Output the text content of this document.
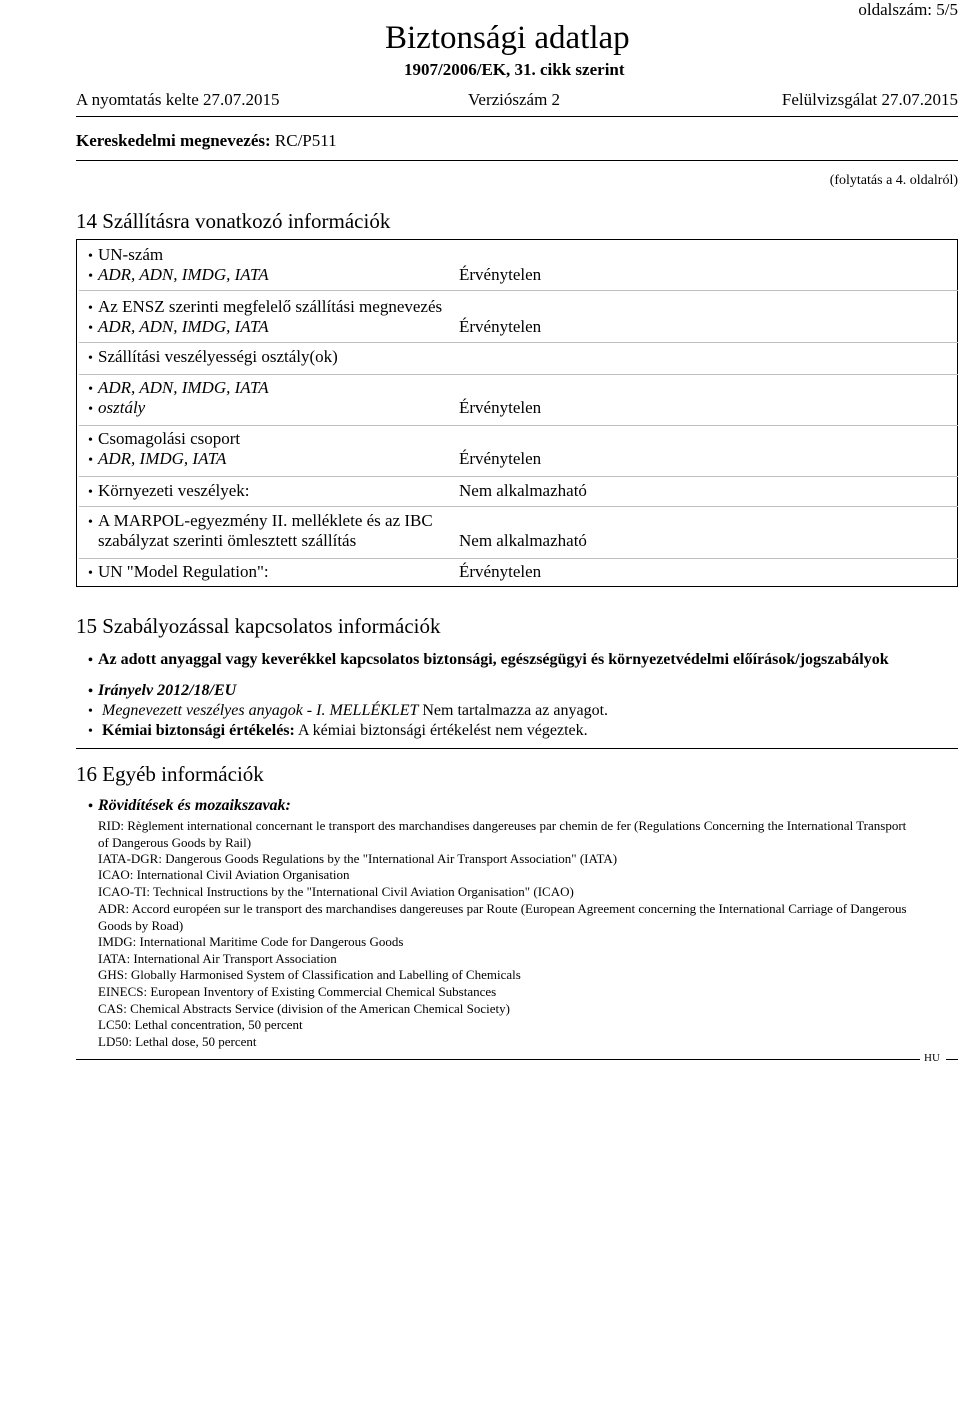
Biztonsági adatlap
1907/2006/EK, 31. cikk szerint
oldalszám: 5/5
A nyomtatás kelte 27.07.2015	Verziószám 2	Felülvizsgálat 27.07.2015
Kereskedelmi megnevezés: RC/P511
(folytatás a 4. oldalról)
14 Szállításra vonatkozó információk
• UN-szám
• ADR, ADN, IMDG, IATA	Érvénytelen
• Az ENSZ szerinti megfelelő szállítási megnevezés
• ADR, ADN, IMDG, IATA	Érvénytelen
• Szállítási veszélyességi osztály(ok)
• ADR, ADN, IMDG, IATA
• osztály	Érvénytelen
• Csomagolási csoport
• ADR, IMDG, IATA	Érvénytelen
• Környezeti veszélyek:	Nem alkalmazható
• A MARPOL-egyezmény II. melléklete és az IBC
szabályzat szerinti ömlesztett szállítás	Nem alkalmazható
• UN "Model Regulation":	Érvénytelen
15 Szabályozással kapcsolatos információk
• Az adott anyaggal vagy keverékkel kapcsolatos biztonsági, egészségügyi és környezetvédelmi előírások/jogszabályok
• Irányelv 2012/18/EU
• Megnevezett veszélyes anyagok - I. MELLÉKLET Nem tartalmazza az anyagot.
• Kémiai biztonsági értékelés: A kémiai biztonsági értékelést nem végeztek.
16 Egyéb információk
• Rövidítések és mozaikszavak:
RID: Règlement international concernant le transport des marchandises dangereuses par chemin de fer (Regulations Concerning the International Transport of Dangerous Goods by Rail)
IATA-DGR: Dangerous Goods Regulations by the "International Air Transport Association" (IATA)
ICAO: International Civil Aviation Organisation
ICAO-TI: Technical Instructions by the "International Civil Aviation Organisation" (ICAO)
ADR: Accord européen sur le transport des marchandises dangereuses par Route (European Agreement concerning the International Carriage of Dangerous Goods by Road)
IMDG: International Maritime Code for Dangerous Goods
IATA: International Air Transport Association
GHS: Globally Harmonised System of Classification and Labelling of Chemicals
EINECS: European Inventory of Existing Commercial Chemical Substances
CAS: Chemical Abstracts Service (division of the American Chemical Society)
LC50: Lethal concentration, 50 percent
LD50: Lethal dose, 50 percent
HU
